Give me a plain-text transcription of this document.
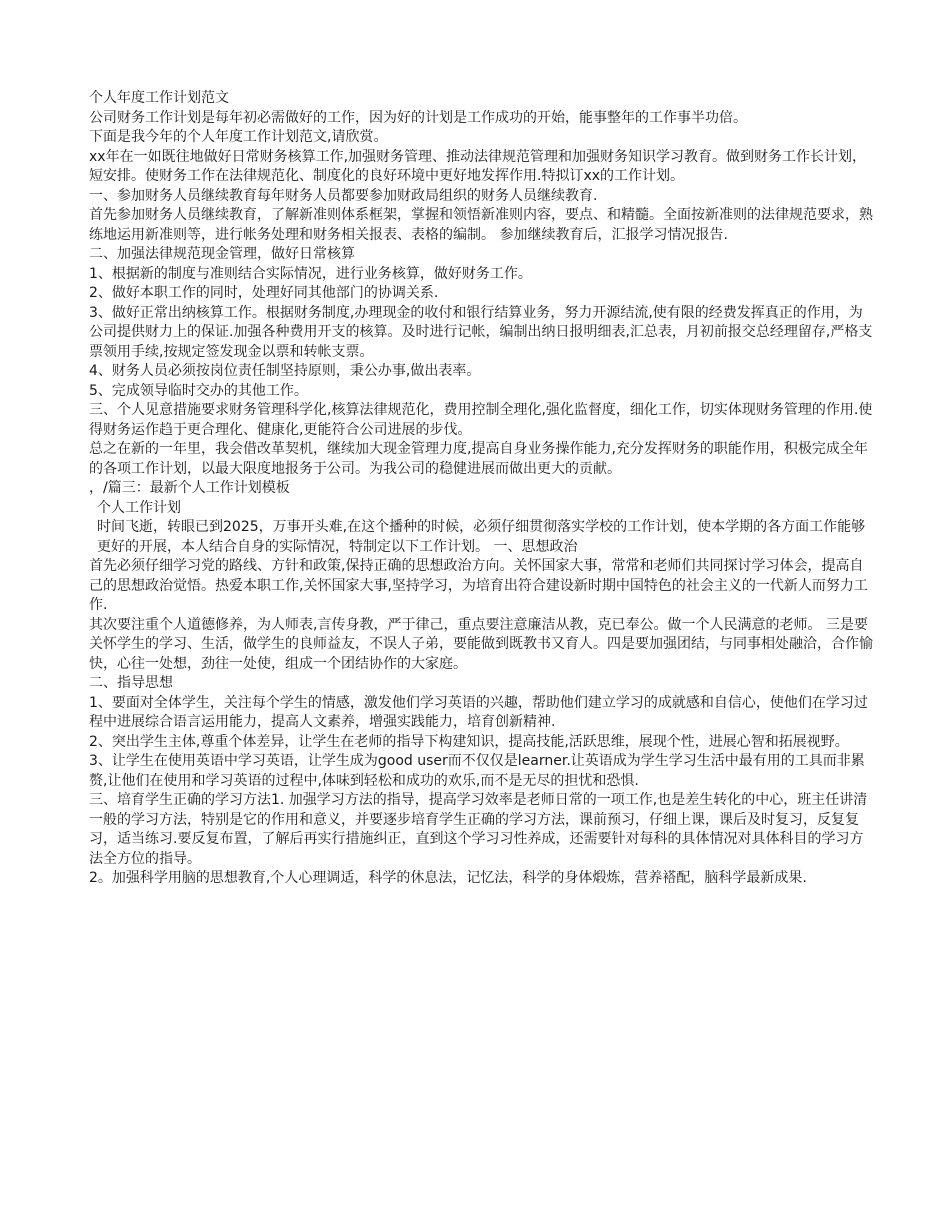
个人年度工作计划范文

公司财务工作计划是每年初必需做好的工作，因为好的计划是工作成功的开始，能事整年的工作事半功倍。

下面是我今年的个人年度工作计划范文,请欣赏。

xx年在一如既往地做好日常财务核算工作,加强财务管理、推动法律规范管理和加强财务知识学习教育。做到财务工作长计划，短安排。使财务工作在法律规范化、制度化的良好环境中更好地发挥作用.特拟订xx的工作计划。

一、参加财务人员继续教育每年财务人员都要参加财政局组织的财务人员继续教育.

首先参加财务人员继续教育，了解新准则体系框架，掌握和领悟新准则内容，要点、和精髓。全面按新准则的法律规范要求，熟练地运用新准则等，进行帐务处理和财务相关报表、表格的编制。 参加继续教育后，汇报学习情况报告.

二、加强法律规范现金管理，做好日常核算

1、根据新的制度与准则结合实际情况，进行业务核算，做好财务工作。

2、做好本职工作的同时，处理好同其他部门的协调关系.

3、做好正常出纳核算工作。根据财务制度,办理现金的收付和银行结算业务，努力开源结流,使有限的经费发挥真正的作用，为公司提供财力上的保证.加强各种费用开支的核算。及时进行记帐，编制出纳日报明细表,汇总表，月初前报交总经理留存,严格支票领用手续,按规定签发现金以票和转帐支票。

4、财务人员必须按岗位责任制坚持原则，秉公办事,做出表率。

5、完成领导临时交办的其他工作。

三、个人见意措施要求财务管理科学化,核算法律规范化，费用控制全理化,强化监督度，细化工作，切实体现财务管理的作用.使得财务运作趋于更合理化、健康化,更能符合公司进展的步伐。

总之在新的一年里，我会借改革契机，继续加大现金管理力度,提高自身业务操作能力,充分发挥财务的职能作用，积极完成全年的各项工作计划，以最大限度地报务于公司。为我公司的稳健进展而做出更大的贡献。

，/篇三：最新个人工作计划模板

个人工作计划

时间飞逝，转眼已到2025，万事开头难,在这个播种的时候，必须仔细贯彻落实学校的工作计划，使本学期的各方面工作能够更好的开展，本人结合自身的实际情况，特制定以下工作计划。 一、思想政治

首先必须仔细学习党的路线、方针和政策,保持正确的思想政治方向。关怀国家大事，常常和老师们共同探讨学习体会，提高自己的思想政治觉悟。热爱本职工作,关怀国家大事,坚持学习，为培育出符合建设新时期中国特色的社会主义的一代新人而努力工作.

其次要注重个人道德修养，为人师表,言传身教，严于律己，重点要注意廉洁从教，克已奉公。做一个人民满意的老师。 三是要关怀学生的学习、生活，做学生的良师益友，不误人子弟，要能做到既教书又育人。四是要加强团结，与同事相处融洽，合作愉快，心往一处想，劲往一处使，组成一个团结协作的大家庭。

二、指导思想

1、要面对全体学生，关注每个学生的情感，激发他们学习英语的兴趣，帮助他们建立学习的成就感和自信心，使他们在学习过程中进展综合语言运用能力，提高人文素养，增强实践能力，培育创新精神.

2、突出学生主体,尊重个体差异，让学生在老师的指导下构建知识，提高技能,活跃思维，展现个性，进展心智和拓展视野。

3、让学生在使用英语中学习英语，让学生成为good user而不仅仅是learner.让英语成为学生学习生活中最有用的工具而非累赘,让他们在使用和学习英语的过程中,体味到轻松和成功的欢乐,而不是无尽的担忧和恐惧.

三、培育学生正确的学习方法1. 加强学习方法的指导，提高学习效率是老师日常的一项工作,也是差生转化的中心，班主任讲清一般的学习方法，特别是它的作用和意义，并要逐步培育学生正确的学习方法，课前预习，仔细上课，课后及时复习，反复复习，适当练习.要反复布置，了解后再实行措施纠正，直到这个学习习性养成，还需要针对每科的具体情况对具体科目的学习方法全方位的指导。

2。加强科学用脑的思想教育,个人心理调适，科学的休息法，记忆法，科学的身体煅炼，营养褡配，脑科学最新成果.
